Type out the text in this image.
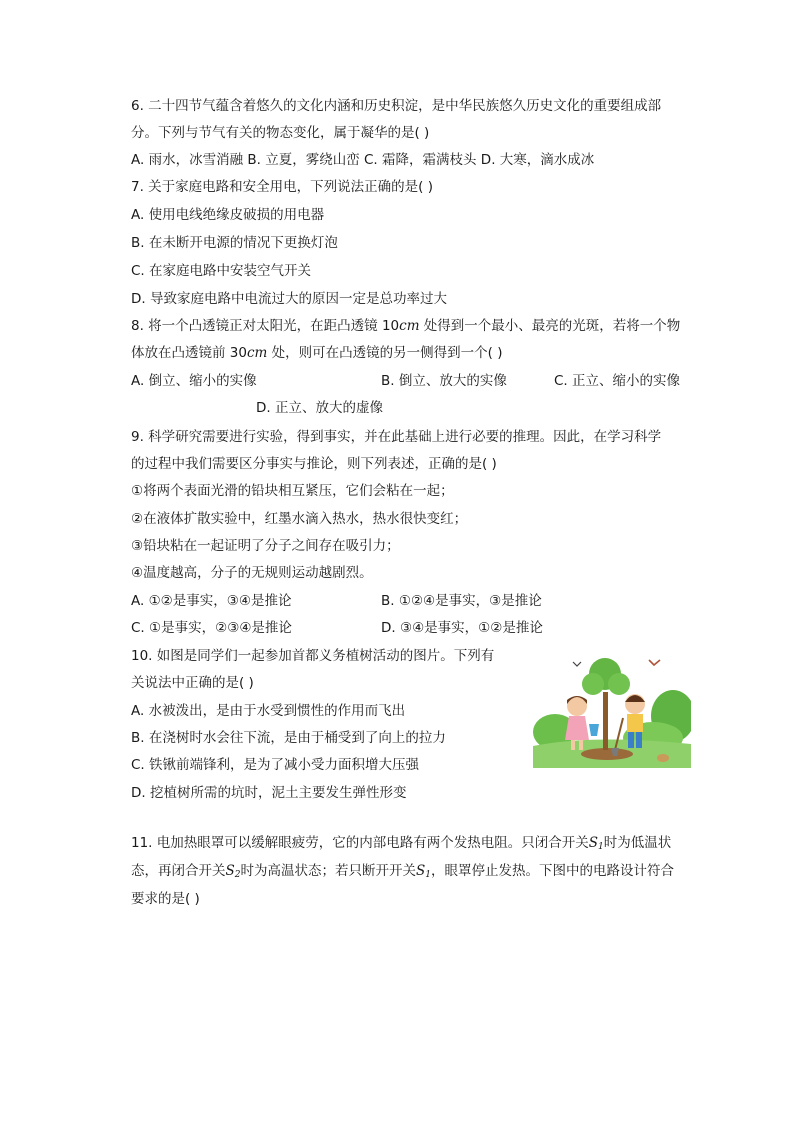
6. 二十四节气蕴含着悠久的文化内涵和历史积淀，是中华民族悠久历史文化的重要组成部
分。下列与节气有关的物态变化，属于凝华的是( )
A. 雨水，冰雪消融 B. 立夏，雾绕山峦 C. 霜降，霜满枝头 D. 大寒，滴水成冰
7. 关于家庭电路和安全用电，下列说法正确的是( )
A. 使用电线绝缘皮破损的用电器
B. 在未断开电源的情况下更换灯泡
C. 在家庭电路中安装空气开关
D. 导致家庭电路中电流过大的原因一定是总功率过大
8. 将一个凸透镜正对太阳光，在距凸透镜 10cm 处得到一个最小、最亮的光斑，若将一个物
体放在凸透镜前 30cm 处，则可在凸透镜的另一侧得到一个( )
A. 倒立、缩小的实像	B. 倒立、放大的实像	C. 正立、缩小的实像
D. 正立、放大的虚像
9. 科学研究需要进行实验，得到事实，并在此基础上进行必要的推理。因此，在学习科学
的过程中我们需要区分事实与推论，则下列表述，正确的是( )
①将两个表面光滑的铅块相互紧压，它们会粘在一起；
②在液体扩散实验中，红墨水滴入热水，热水很快变红；
③铅块粘在一起证明了分子之间存在吸引力；
④温度越高，分子的无规则运动越剧烈。
A. ①②是事实，③④是推论	B. ①②④是事实，③是推论
C. ①是事实，②③④是推论	D. ③④是事实，①②是推论
10. 如图是同学们一起参加首都义务植树活动的图片。下列有
关说法中正确的是( )
A. 水被泼出，是由于水受到惯性的作用而飞出
B. 在浇树时水会往下流，是由于桶受到了向上的拉力
C. 铁锹前端锋利，是为了减小受力面积增大压强
D. 挖植树所需的坑时，泥土主要发生弹性形变
11. 电加热眼罩可以缓解眼疲劳，它的内部电路有两个发热电阻。只闭合开关$S_1$时为低温状
态，再闭合开关$S_2$时为高温状态；若只断开开关$S_1$，眼罩停止发热。下图中的电路设计符合
要求的是( )
